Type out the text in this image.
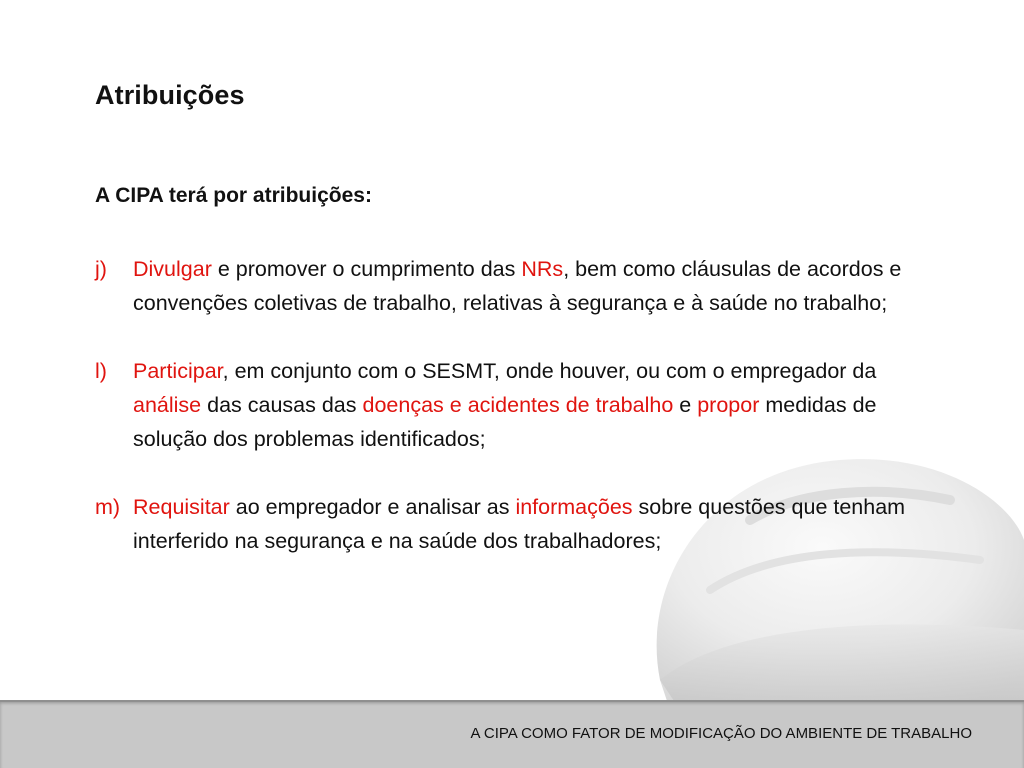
Atribuições
A CIPA terá por atribuições:
j) Divulgar e promover o cumprimento das NRs, bem como cláusulas de acordos e convenções coletivas de trabalho, relativas à segurança e à saúde no trabalho;
l) Participar, em conjunto com o SESMT, onde houver, ou com o empregador da análise das causas das doenças e acidentes de trabalho e propor medidas de solução dos problemas identificados;
m) Requisitar ao empregador e analisar as informações sobre questões que tenham interferido na segurança e na saúde dos trabalhadores;
A CIPA COMO FATOR DE MODIFICAÇÃO DO AMBIENTE DE TRABALHO
